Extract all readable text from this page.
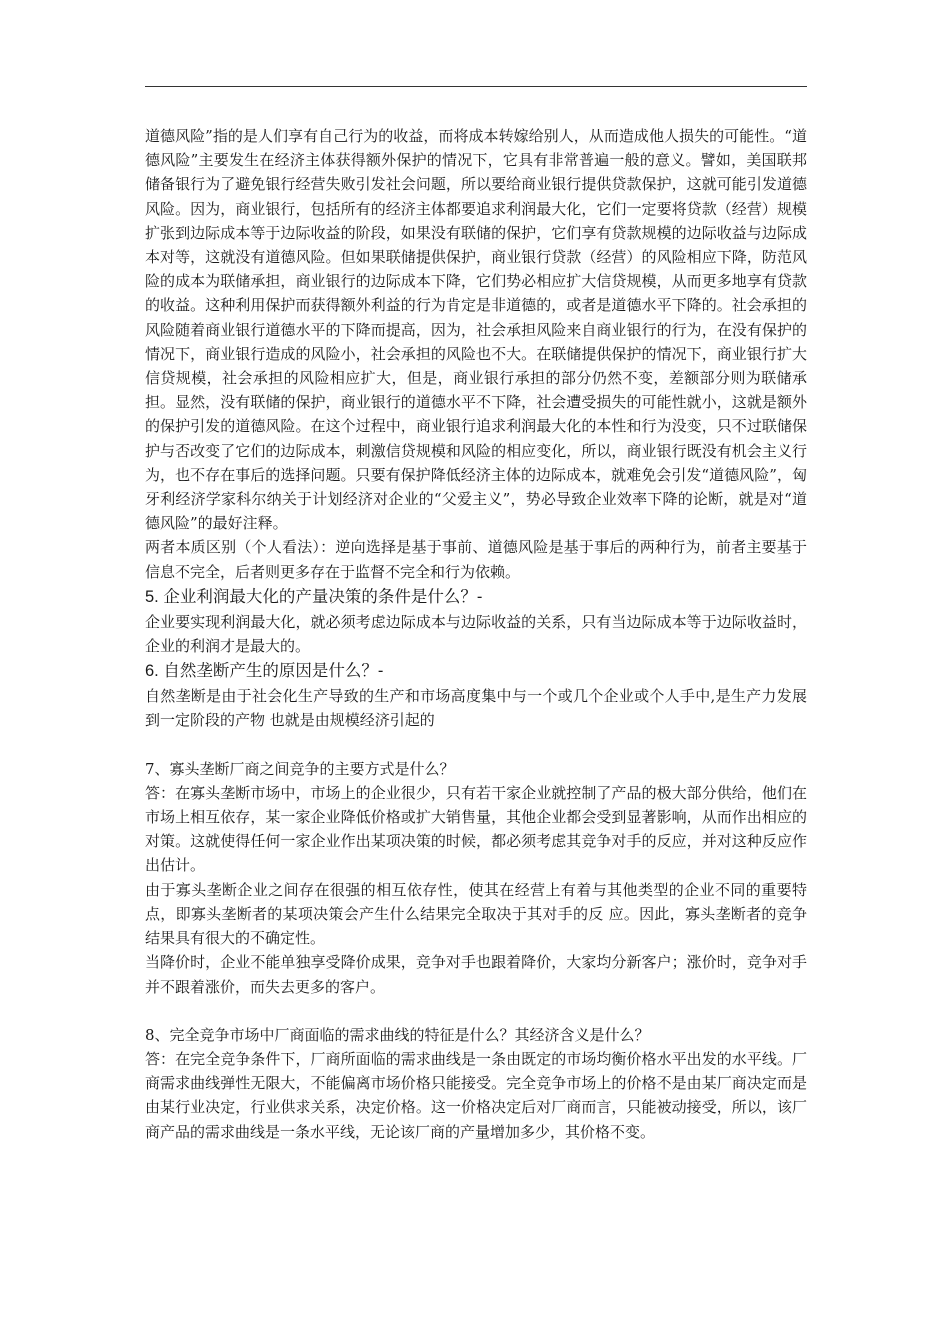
道德风险”指的是人们享有自己行为的收益，而将成本转嫁给别人，从而造成他人损失的可能性。“道德风险”主要发生在经济主体获得额外保护的情况下，它具有非常普遍一般的意义。譬如，美国联邦储备银行为了避免银行经营失败引发社会问题，所以要给商业银行提供贷款保护，这就可能引发道德风险。因为，商业银行，包括所有的经济主体都要追求利润最大化，它们一定要将贷款（经营）规模扩张到边际成本等于边际收益的阶段，如果没有联储的保护，它们享有贷款规模的边际收益与边际成本对等，这就没有道德风险。但如果联储提供保护，商业银行贷款（经营）的风险相应下降，防范风险的成本为联储承担，商业银行的边际成本下降，它们势必相应扩大信贷规模，从而更多地享有贷款的收益。这种利用保护而获得额外利益的行为肯定是非道德的，或者是道德水平下降的。社会承担的风险随着商业银行道德水平的下降而提高，因为，社会承担风险来自商业银行的行为，在没有保护的情况下，商业银行造成的风险小，社会承担的风险也不大。在联储提供保护的情况下，商业银行扩大信贷规模，社会承担的风险相应扩大，但是，商业银行承担的部分仍然不变，差额部分则为联储承担。显然，没有联储的保护，商业银行的道德水平不下降，社会遭受损失的可能性就小，这就是额外的保护引发的道德风险。在这个过程中，商业银行追求利润最大化的本性和行为没变，只不过联储保护与否改变了它们的边际成本，刺激信贷规模和风险的相应变化，所以，商业银行既没有机会主义行为，也不存在事后的选择问题。只要有保护降低经济主体的边际成本，就难免会引发“道德风险”，匈牙利经济学家科尔纳关于计划经济对企业的“父爱主义”，势必导致企业效率下降的论断，就是对“道德风险”的最好注释。

两者本质区别（个人看法）：逆向选择是基于事前、道德风险是基于事后的两种行为，前者主要基于信息不完全，后者则更多存在于监督不完全和行为依赖。

5. 企业利润最大化的产量决策的条件是什么？-

企业要实现利润最大化，就必须考虑边际成本与边际收益的关系，只有当边际成本等于边际收益时，企业的利润才是最大的。

6. 自然垄断产生的原因是什么？-

自然垄断是由于社会化生产导致的生产和市场高度集中与一个或几个企业或个人手中,是生产力发展到一定阶段的产物 也就是由规模经济引起的

7、寡头垄断厂商之间竞争的主要方式是什么？

答：在寡头垄断市场中，市场上的企业很少，只有若干家企业就控制了产品的极大部分供给，他们在市场上相互依存，某一家企业降低价格或扩大销售量，其他企业都会受到显著影响，从而作出相应的对策。这就使得任何一家企业作出某项决策的时候，都必须考虑其竞争对手的反应，并对这种反应作出估计。

由于寡头垄断企业之间存在很强的相互依存性，使其在经营上有着与其他类型的企业不同的重要特点，即寡头垄断者的某项决策会产生什么结果完全取决于其对手的反 应。因此，寡头垄断者的竞争结果具有很大的不确定性。

当降价时，企业不能单独享受降价成果，竞争对手也跟着降价，大家均分新客户；涨价时，竞争对手并不跟着涨价，而失去更多的客户。

8、完全竞争市场中厂商面临的需求曲线的特征是什么？其经济含义是什么？

答：在完全竞争条件下，厂商所面临的需求曲线是一条由既定的市场均衡价格水平出发的水平线。厂商需求曲线弹性无限大，不能偏离市场价格只能接受。完全竞争市场上的价格不是由某厂商决定而是由某行业决定，行业供求关系，决定价格。这一价格决定后对厂商而言，只能被动接受，所以，该厂商产品的需求曲线是一条水平线，无论该厂商的产量增加多少，其价格不变。
